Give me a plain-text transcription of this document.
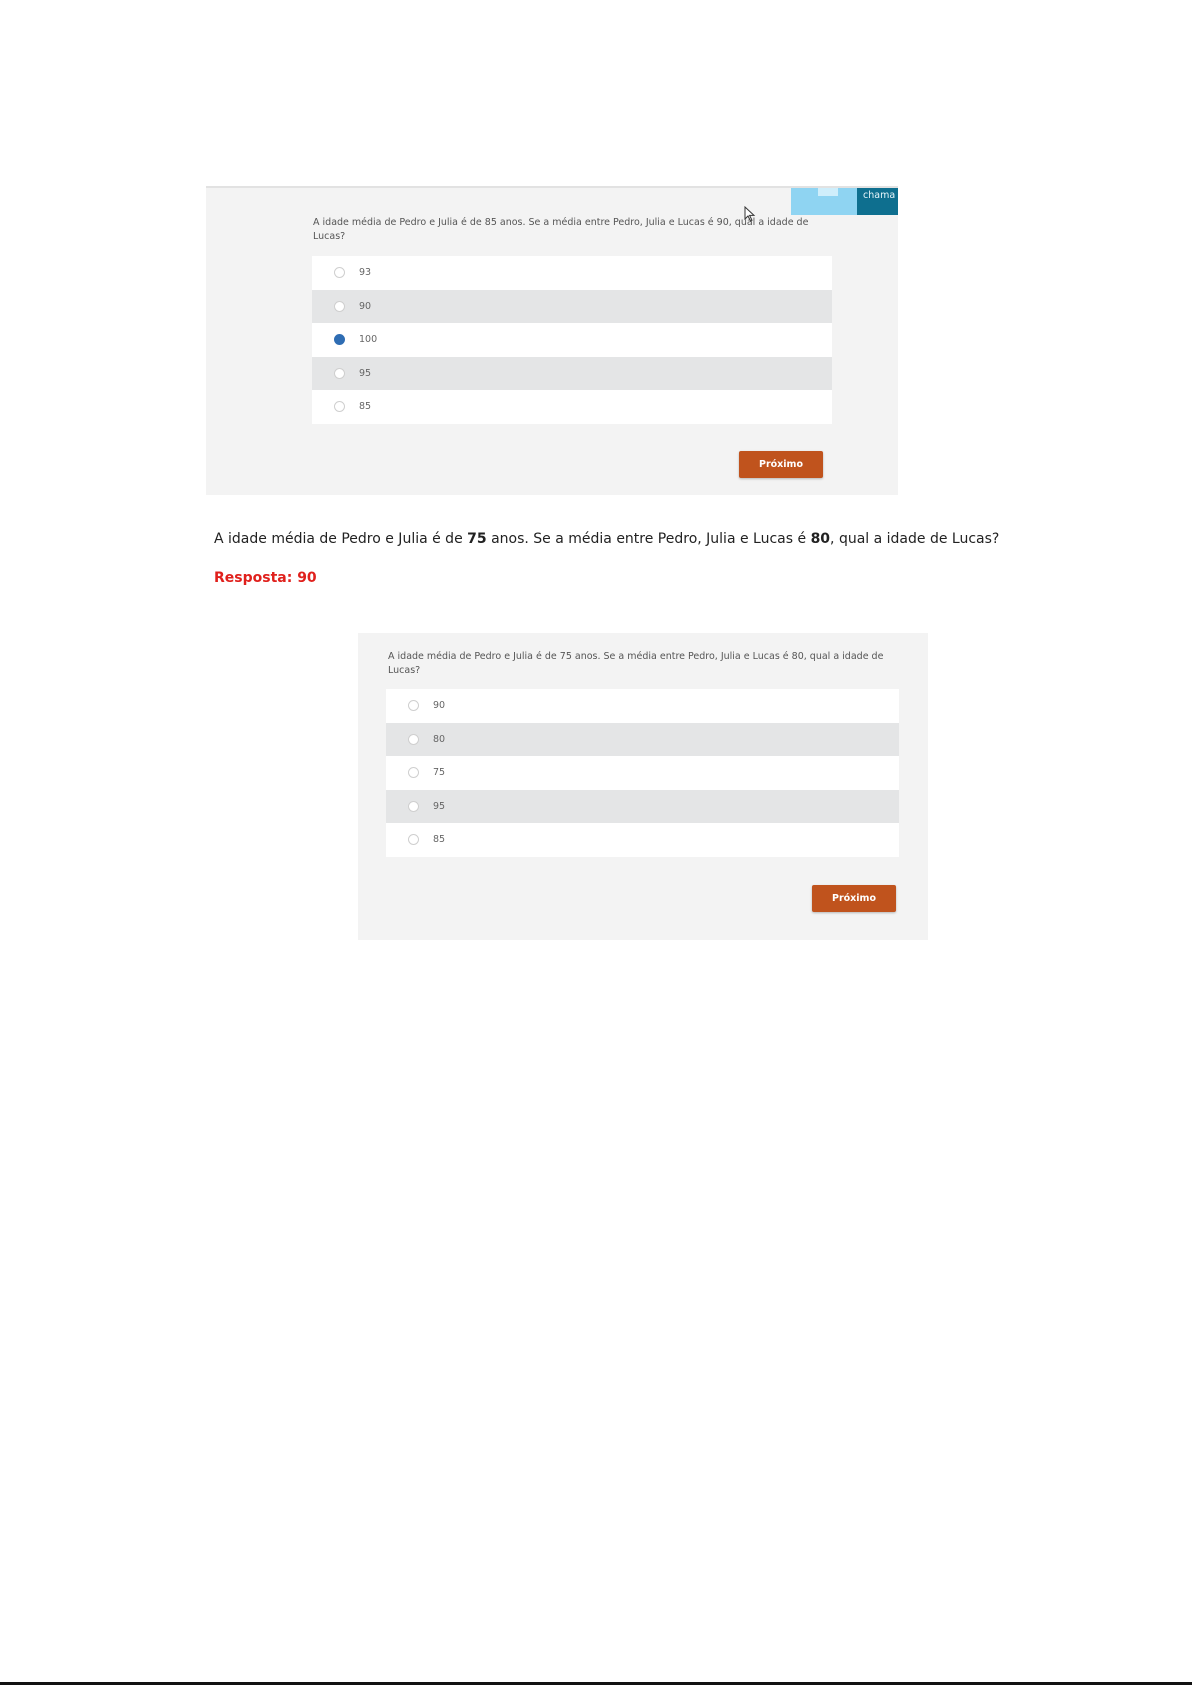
chama
A idade média de Pedro e Julia é de 85 anos. Se a média entre Pedro, Julia e Lucas é 90, qual a idade de Lucas?
93
90
100
95
85
Próximo
A idade média de Pedro e Julia é de 75 anos. Se a média entre Pedro, Julia e Lucas é 80, qual a idade de Lucas?
Resposta: 90
A idade média de Pedro e Julia é de 75 anos. Se a média entre Pedro, Julia e Lucas é 80, qual a idade de Lucas?
90
80
75
95
85
Próximo
